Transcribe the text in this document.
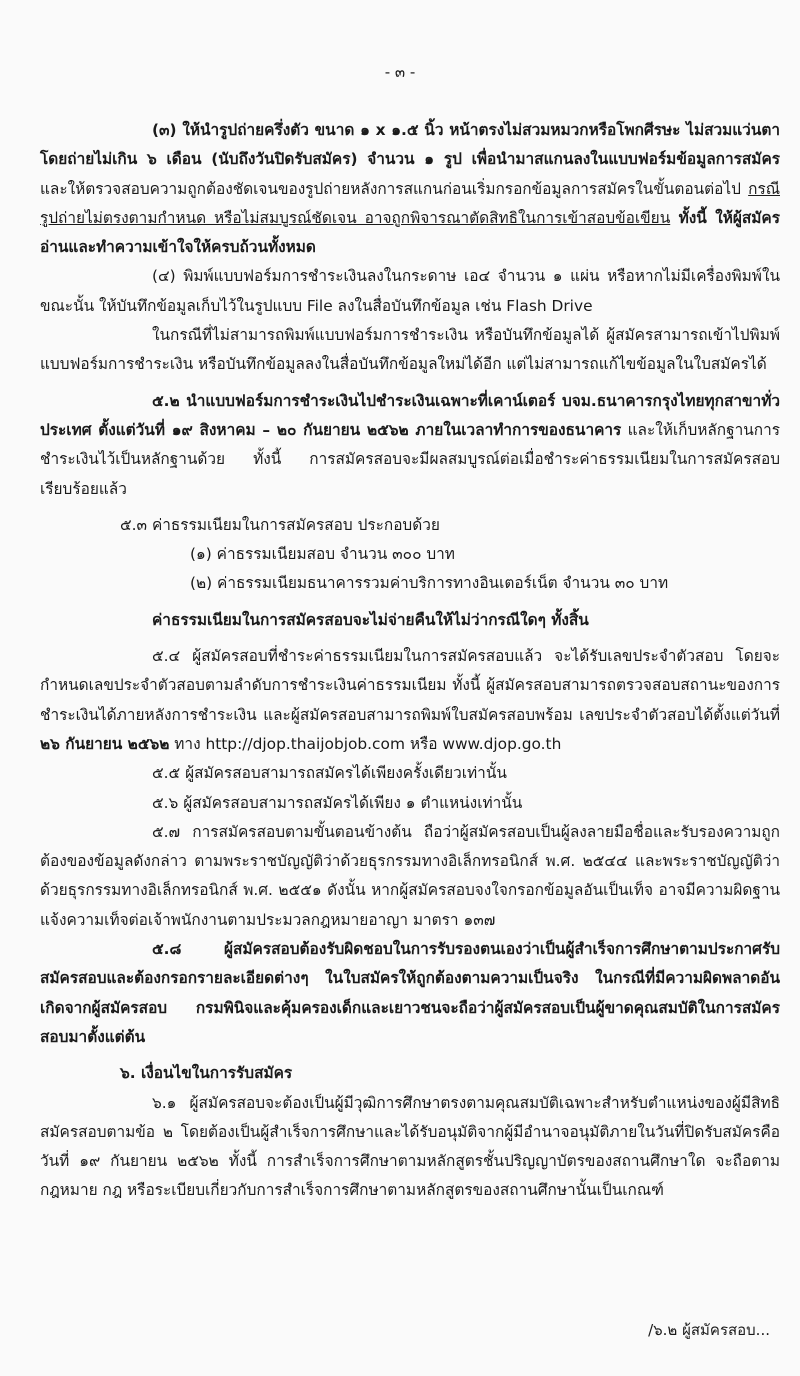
- ๓ -

(๓) ให้นำรูปถ่ายครึ่งตัว ขนาด ๑ x ๑.๕ นิ้ว หน้าตรงไม่สวมหมวกหรือโพกศีรษะ ไม่สวมแว่นตา โดยถ่ายไม่เกิน ๖ เดือน (นับถึงวันปิดรับสมัคร) จำนวน ๑ รูป เพื่อนำมาสแกนลงในแบบฟอร์มข้อมูลการสมัคร และให้ตรวจสอบความถูกต้องชัดเจนของรูปถ่ายหลังการสแกนก่อนเริ่มกรอกข้อมูลการสมัครในขั้นตอนต่อไป กรณีรูปถ่ายไม่ตรงตามกำหนด หรือไม่สมบูรณ์ชัดเจน อาจถูกพิจารณาตัดสิทธิในการเข้าสอบข้อเขียน ทั้งนี้ ให้ผู้สมัครอ่านและทำความเข้าใจให้ครบถ้วนทั้งหมด

(๔) พิมพ์แบบฟอร์มการชำระเงินลงในกระดาษ เอ๔ จำนวน ๑ แผ่น หรือหากไม่มีเครื่องพิมพ์ในขณะนั้น ให้บันทึกข้อมูลเก็บไว้ในรูปแบบ File ลงในสื่อบันทึกข้อมูล เช่น Flash Drive

ในกรณีที่ไม่สามารถพิมพ์แบบฟอร์มการชำระเงิน หรือบันทึกข้อมูลได้ ผู้สมัครสามารถเข้าไปพิมพ์แบบฟอร์มการชำระเงิน หรือบันทึกข้อมูลลงในสื่อบันทึกข้อมูลใหม่ได้อีก แต่ไม่สามารถแก้ไขข้อมูลในใบสมัครได้

๕.๒ นำแบบฟอร์มการชำระเงินไปชำระเงินเฉพาะที่เคาน์เตอร์ บจม.ธนาคารกรุงไทยทุกสาขาทั่วประเทศ ตั้งแต่วันที่ ๑๙ สิงหาคม – ๒๐ กันยายน ๒๕๖๒ ภายในเวลาทำการของธนาคาร และให้เก็บหลักฐานการชำระเงินไว้เป็นหลักฐานด้วย ทั้งนี้ การสมัครสอบจะมีผลสมบูรณ์ต่อเมื่อชำระค่าธรรมเนียมในการสมัครสอบเรียบร้อยแล้ว

๕.๓ ค่าธรรมเนียมในการสมัครสอบ ประกอบด้วย

(๑) ค่าธรรมเนียมสอบ จำนวน ๓๐๐ บาท

(๒) ค่าธรรมเนียมธนาคารรวมค่าบริการทางอินเตอร์เน็ต จำนวน ๓๐ บาท

ค่าธรรมเนียมในการสมัครสอบจะไม่จ่ายคืนให้ไม่ว่ากรณีใดๆ ทั้งสิ้น

๕.๔ ผู้สมัครสอบที่ชำระค่าธรรมเนียมในการสมัครสอบแล้ว จะได้รับเลขประจำตัวสอบ โดยจะกำหนดเลขประจำตัวสอบตามลำดับการชำระเงินค่าธรรมเนียม ทั้งนี้ ผู้สมัครสอบสามารถตรวจสอบสถานะของการชำระเงินได้ภายหลังการชำระเงิน และผู้สมัครสอบสามารถพิมพ์ใบสมัครสอบพร้อม เลขประจำตัวสอบได้ตั้งแต่วันที่ ๒๖ กันยายน ๒๕๖๒ ทาง http://djop.thaijobjob.com หรือ www.djop.go.th

๕.๕ ผู้สมัครสอบสามารถสมัครได้เพียงครั้งเดียวเท่านั้น

๕.๖ ผู้สมัครสอบสามารถสมัครได้เพียง ๑ ตำแหน่งเท่านั้น

๕.๗ การสมัครสอบตามขั้นตอนข้างต้น ถือว่าผู้สมัครสอบเป็นผู้ลงลายมือชื่อและรับรองความถูกต้องของข้อมูลดังกล่าว ตามพระราชบัญญัติว่าด้วยธุรกรรมทางอิเล็กทรอนิกส์ พ.ศ. ๒๕๔๔ และพระราชบัญญัติว่าด้วยธุรกรรมทางอิเล็กทรอนิกส์ พ.ศ. ๒๕๕๑ ดังนั้น หากผู้สมัครสอบจงใจกรอกข้อมูลอันเป็นเท็จ อาจมีความผิดฐานแจ้งความเท็จต่อเจ้าพนักงานตามประมวลกฎหมายอาญา มาตรา ๑๓๗

๕.๘ ผู้สมัครสอบต้องรับผิดชอบในการรับรองตนเองว่าเป็นผู้สำเร็จการศึกษาตามประกาศรับสมัครสอบและต้องกรอกรายละเอียดต่างๆ ในใบสมัครให้ถูกต้องตามความเป็นจริง ในกรณีที่มีความผิดพลาดอันเกิดจากผู้สมัครสอบ กรมพินิจและคุ้มครองเด็กและเยาวชนจะถือว่าผู้สมัครสอบเป็นผู้ขาดคุณสมบัติในการสมัครสอบมาตั้งแต่ต้น

๖. เงื่อนไขในการรับสมัคร

๖.๑ ผู้สมัครสอบจะต้องเป็นผู้มีวุฒิการศึกษาตรงตามคุณสมบัติเฉพาะสำหรับตำแหน่งของผู้มีสิทธิสมัครสอบตามข้อ ๒ โดยต้องเป็นผู้สำเร็จการศึกษาและได้รับอนุมัติจากผู้มีอำนาจอนุมัติภายในวันที่ปิดรับสมัครคือวันที่ ๑๙ กันยายน ๒๕๖๒ ทั้งนี้ การสำเร็จการศึกษาตามหลักสูตรชั้นปริญญาบัตรของสถานศึกษาใด จะถือตามกฎหมาย กฎ หรือระเบียบเกี่ยวกับการสำเร็จการศึกษาตามหลักสูตรของสถานศึกษานั้นเป็นเกณฑ์

/๖.๒ ผู้สมัครสอบ...
